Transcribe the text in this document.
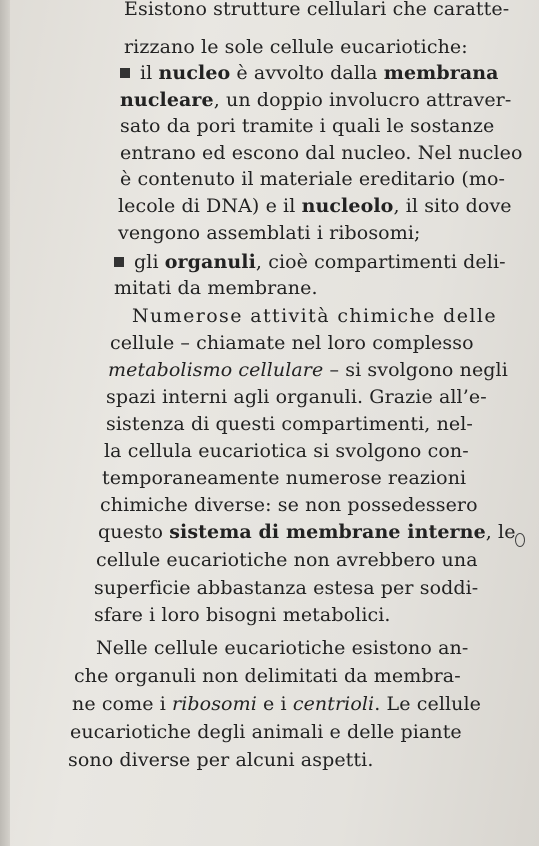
Esistono strutture cellulari che caratte-
rizzano le sole cellule eucariotiche:
il nucleo è avvolto dalla membrana
nucleare, un doppio involucro attraver-
sato da pori tramite i quali le sostanze
entrano ed escono dal nucleo. Nel nucleo
è contenuto il materiale ereditario (mo-
lecole di DNA) e il nucleolo, il sito dove
vengono assemblati i ribosomi;
gli organuli, cioè compartimenti deli-
mitati da membrane.
Numerose attività chimiche delle
cellule – chiamate nel loro complesso
metabolismo cellulare – si svolgono negli
spazi interni agli organuli. Grazie all’e-
sistenza di questi compartimenti, nel-
la cellula eucariotica si svolgono con-
temporaneamente numerose reazioni
chimiche diverse: se non possedessero
questo sistema di membrane interne, le
cellule eucariotiche non avrebbero una
superficie abbastanza estesa per soddi-
sfare i loro bisogni metabolici.
Nelle cellule eucariotiche esistono an-
che organuli non delimitati da membra-
ne come i ribosomi e i centrioli. Le cellule
eucariotiche degli animali e delle piante
sono diverse per alcuni aspetti.
